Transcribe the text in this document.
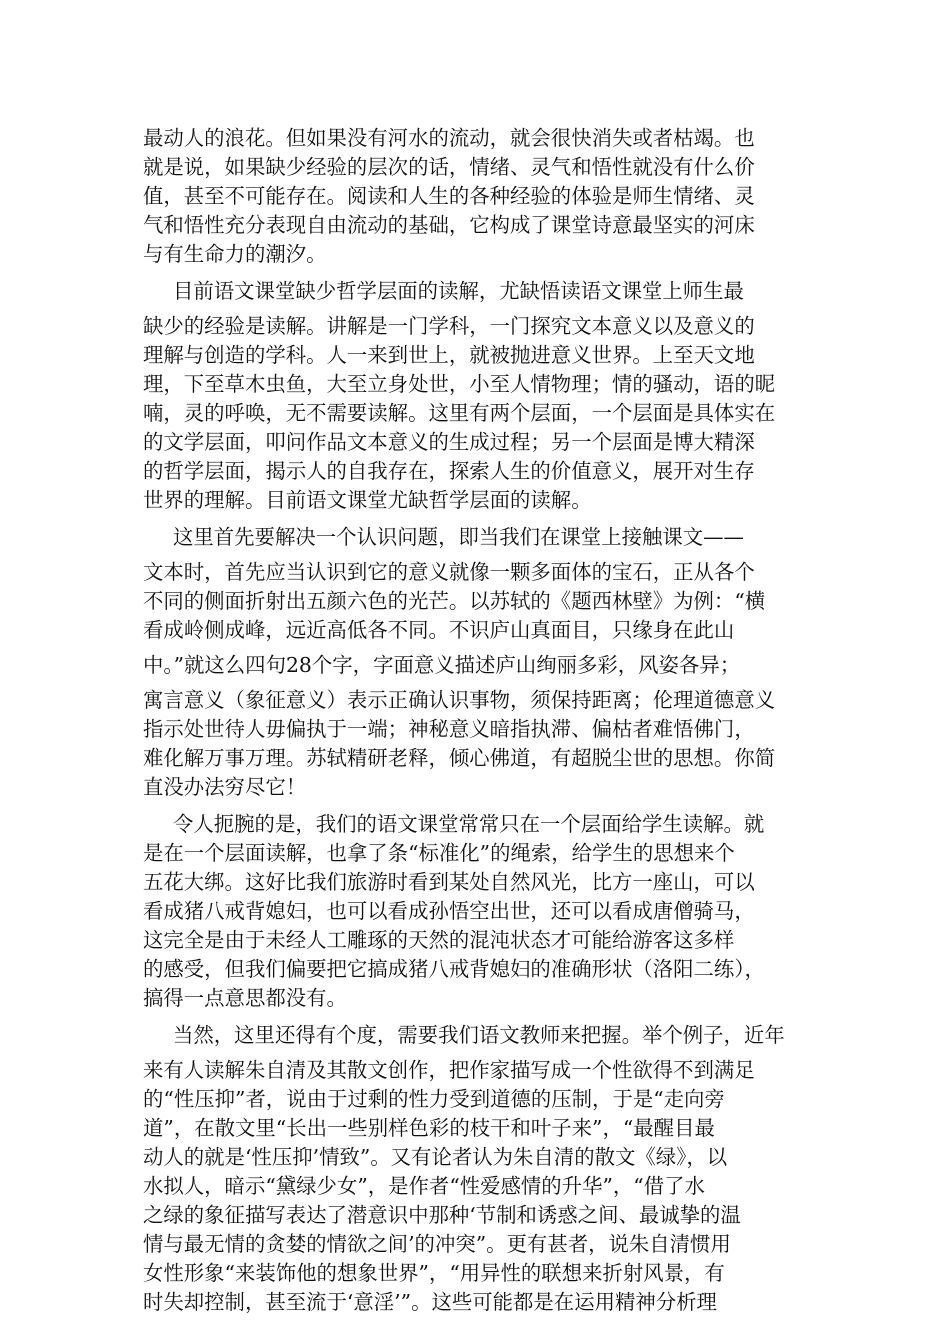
最动人的浪花。但如果没有河水的流动，就会很快消失或者枯竭。也
就是说，如果缺少经验的层次的话，情绪、灵气和悟性就没有什么价
值，甚至不可能存在。阅读和人生的各种经验的体验是师生情绪、灵
气和悟性充分表现自由流动的基础，它构成了课堂诗意最坚实的河床
与有生命力的潮汐。
目前语文课堂缺少哲学层面的读解，尤缺悟读语文课堂上师生最
缺少的经验是读解。讲解是一门学科，一门探究文本意义以及意义的
理解与创造的学科。人一来到世上，就被抛进意义世界。上至天文地
理，下至草木虫鱼，大至立身处世，小至人情物理；情的骚动，语的昵
喃，灵的呼唤，无不需要读解。这里有两个层面，一个层面是具体实在
的文学层面，叩问作品文本意义的生成过程；另一个层面是博大精深
的哲学层面，揭示人的自我存在，探索人生的价值意义，展开对生存
世界的理解。目前语文课堂尤缺哲学层面的读解。
这里首先要解决一个认识问题，即当我们在课堂上接触课文——
文本时，首先应当认识到它的意义就像一颗多面体的宝石，正从各个
不同的侧面折射出五颜六色的光芒。以苏轼的《题西林壁》为例：“横
看成岭侧成峰，远近高低各不同。不识庐山真面目，只缘身在此山
中。”就这么四句28个字，字面意义描述庐山绚丽多彩，风姿各异；
寓言意义（象征意义）表示正确认识事物，须保持距离；伦理道德意义
指示处世待人毋偏执于一端；神秘意义暗指执滞、偏枯者难悟佛门，
难化解万事万理。苏轼精研老释，倾心佛道，有超脱尘世的思想。你简
直没办法穷尽它！
令人扼腕的是，我们的语文课堂常常只在一个层面给学生读解。就
是在一个层面读解，也拿了条“标准化”的绳索，给学生的思想来个
五花大绑。这好比我们旅游时看到某处自然风光，比方一座山，可以
看成猪八戒背媳妇，也可以看成孙悟空出世，还可以看成唐僧骑马，
这完全是由于未经人工雕琢的天然的混沌状态才可能给游客这多样
的感受，但我们偏要把它搞成猪八戒背媳妇的准确形状（洛阳二练），
搞得一点意思都没有。
当然，这里还得有个度，需要我们语文教师来把握。举个例子，近年
来有人读解朱自清及其散文创作，把作家描写成一个性欲得不到满足
的“性压抑”者，说由于过剩的性力受到道德的压制，于是“走向旁
道”，在散文里“长出一些别样色彩的枝干和叶子来”，“最醒目最
动人的就是‘性压抑’情致”。又有论者认为朱自清的散文《绿》，以
水拟人，暗示“黛绿少女”，是作者“性爱感情的升华”，“借了水
之绿的象征描写表达了潜意识中那种‘节制和诱惑之间、最诚挚的温
情与最无情的贪婪的情欲之间’的冲突”。更有甚者，说朱自清惯用
女性形象“来装饰他的想象世界”，“用异性的联想来折射风景，有
时失却控制，甚至流于‘意淫’”。这些可能都是在运用精神分析理
